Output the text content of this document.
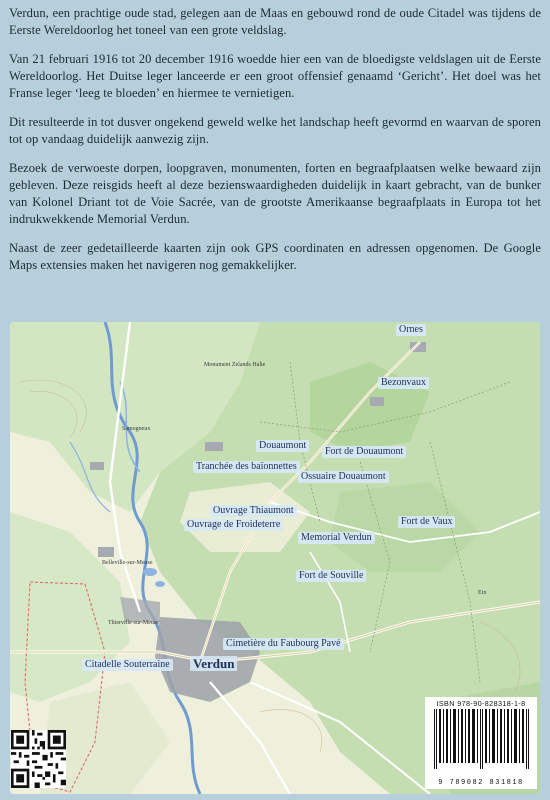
Verdun, een prachtige oude stad, gelegen aan de Maas en gebouwd rond de oude Citadel was tijdens de Eerste Wereldoorlog het toneel van een grote veldslag.

Van 21 februari 1916 tot 20 december 1916 woedde hier een van de bloedigste veldslagen uit de Eerste Wereldoorlog. Het Duitse leger lanceerde er een groot offensief genaamd ‘Gericht’. Het doel was het Franse leger ‘leeg te bloeden’ en hiermee te vernietigen.

Dit resulteerde in tot dusver ongekend geweld welke het landschap heeft gevormd en waarvan de sporen tot op vandaag duidelijk aanwezig zijn.

Bezoek de verwoeste dorpen, loopgraven, monumenten, forten en begraafplaatsen welke bewaard zijn gebleven. Deze reisgids heeft al deze bezienswaardigheden duidelijk in kaart gebracht, van de bunker van Kolonel Driant tot de Voie Sacrée, van de grootste Amerikaanse begraafplaats in Europa tot het indrukwekkende Memorial Verdun.

Naast de zeer gedetailleerde kaarten zijn ook GPS coordinaten en adressen opgenomen. De Google Maps extensies maken het navigeren nog gemakkelijker.

Ornes
Bezonvaux
Douaumont
Fort de Douaumont
Tranchée des baïonnettes
Ossuaire Douaumont
Ouvrage Thiaumont
Ouvrage de Froideterre	Fort de Vaux
Memorial Verdun
Fort de Souville
Cimetière du Faubourg Pavé
Citadelle Souterraine Verdun
Monument Zelands Halte
Belleville-sur-Meuse
Thierville-sur-Meuse
Samogneux
Eix
ISBN 978-90-828318-1-8
9 789082 831818
